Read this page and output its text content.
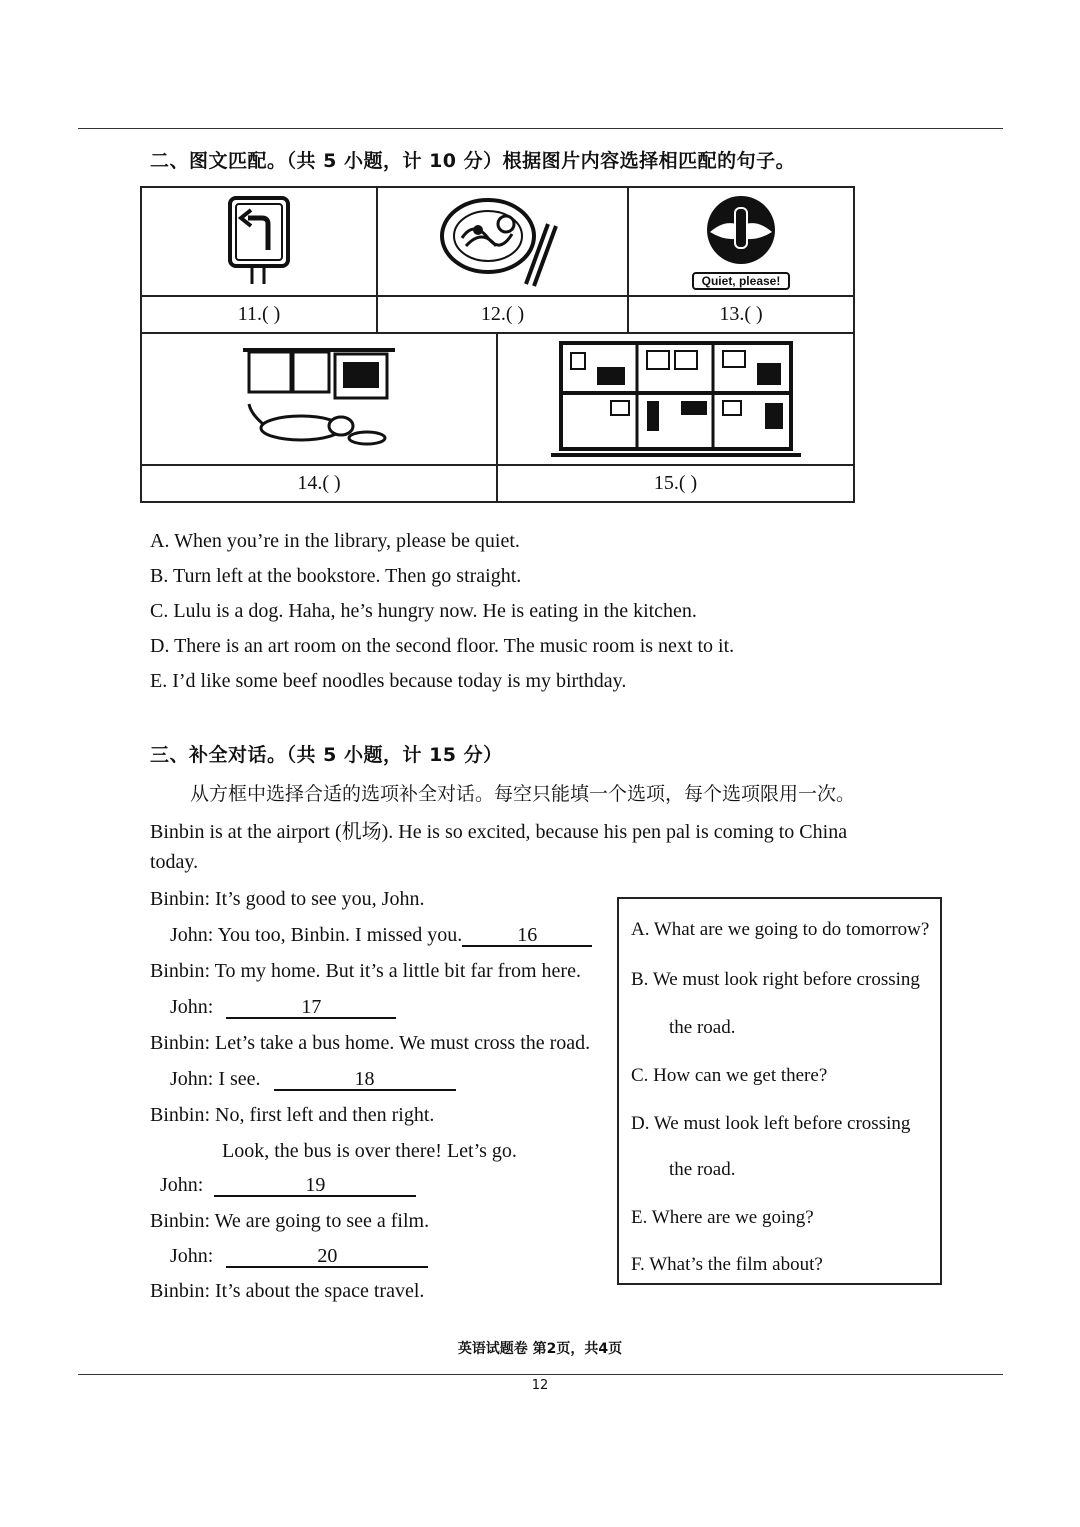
二、图文匹配。（共 5 小题，计 10 分）根据图片内容选择相匹配的句子。
Quiet, please!
11.( )	12.( )	13.( )
14.( )	15.( )
A. When you’re in the library, please be quiet.
B. Turn left at the bookstore. Then go straight.
C. Lulu is a dog. Haha, he’s hungry now. He is eating in the kitchen.
D. There is an art room on the second floor. The music room is next to it.
E. I’d like some beef noodles because today is my birthday.
三、补全对话。（共 5 小题，计 15 分）
从方框中选择合适的选项补全对话。每空只能填一个选项，每个选项限用一次。
Binbin is at the airport (机场). He is so excited, because his pen pal is coming to China
today.
Binbin: It’s good to see you, John.
John: You too, Binbin. I missed you.	16
Binbin: To my home. But it’s a little bit far from here.
John:	17
Binbin: Let’s take a bus home. We must cross the road.
John: I see.	18
Binbin: No, first left and then right.
Look, the bus is over there! Let’s go.
John:	19
Binbin: We are going to see a film.
John:	20
Binbin: It’s about the space travel.
A. What are we going to do tomorrow?
B. We must look right before crossing
the road.
C. How can we get there?
D. We must look left before crossing
the road.
E. Where are we going?
F. What’s the film about?
英语试题卷 第2页，共4页
12
